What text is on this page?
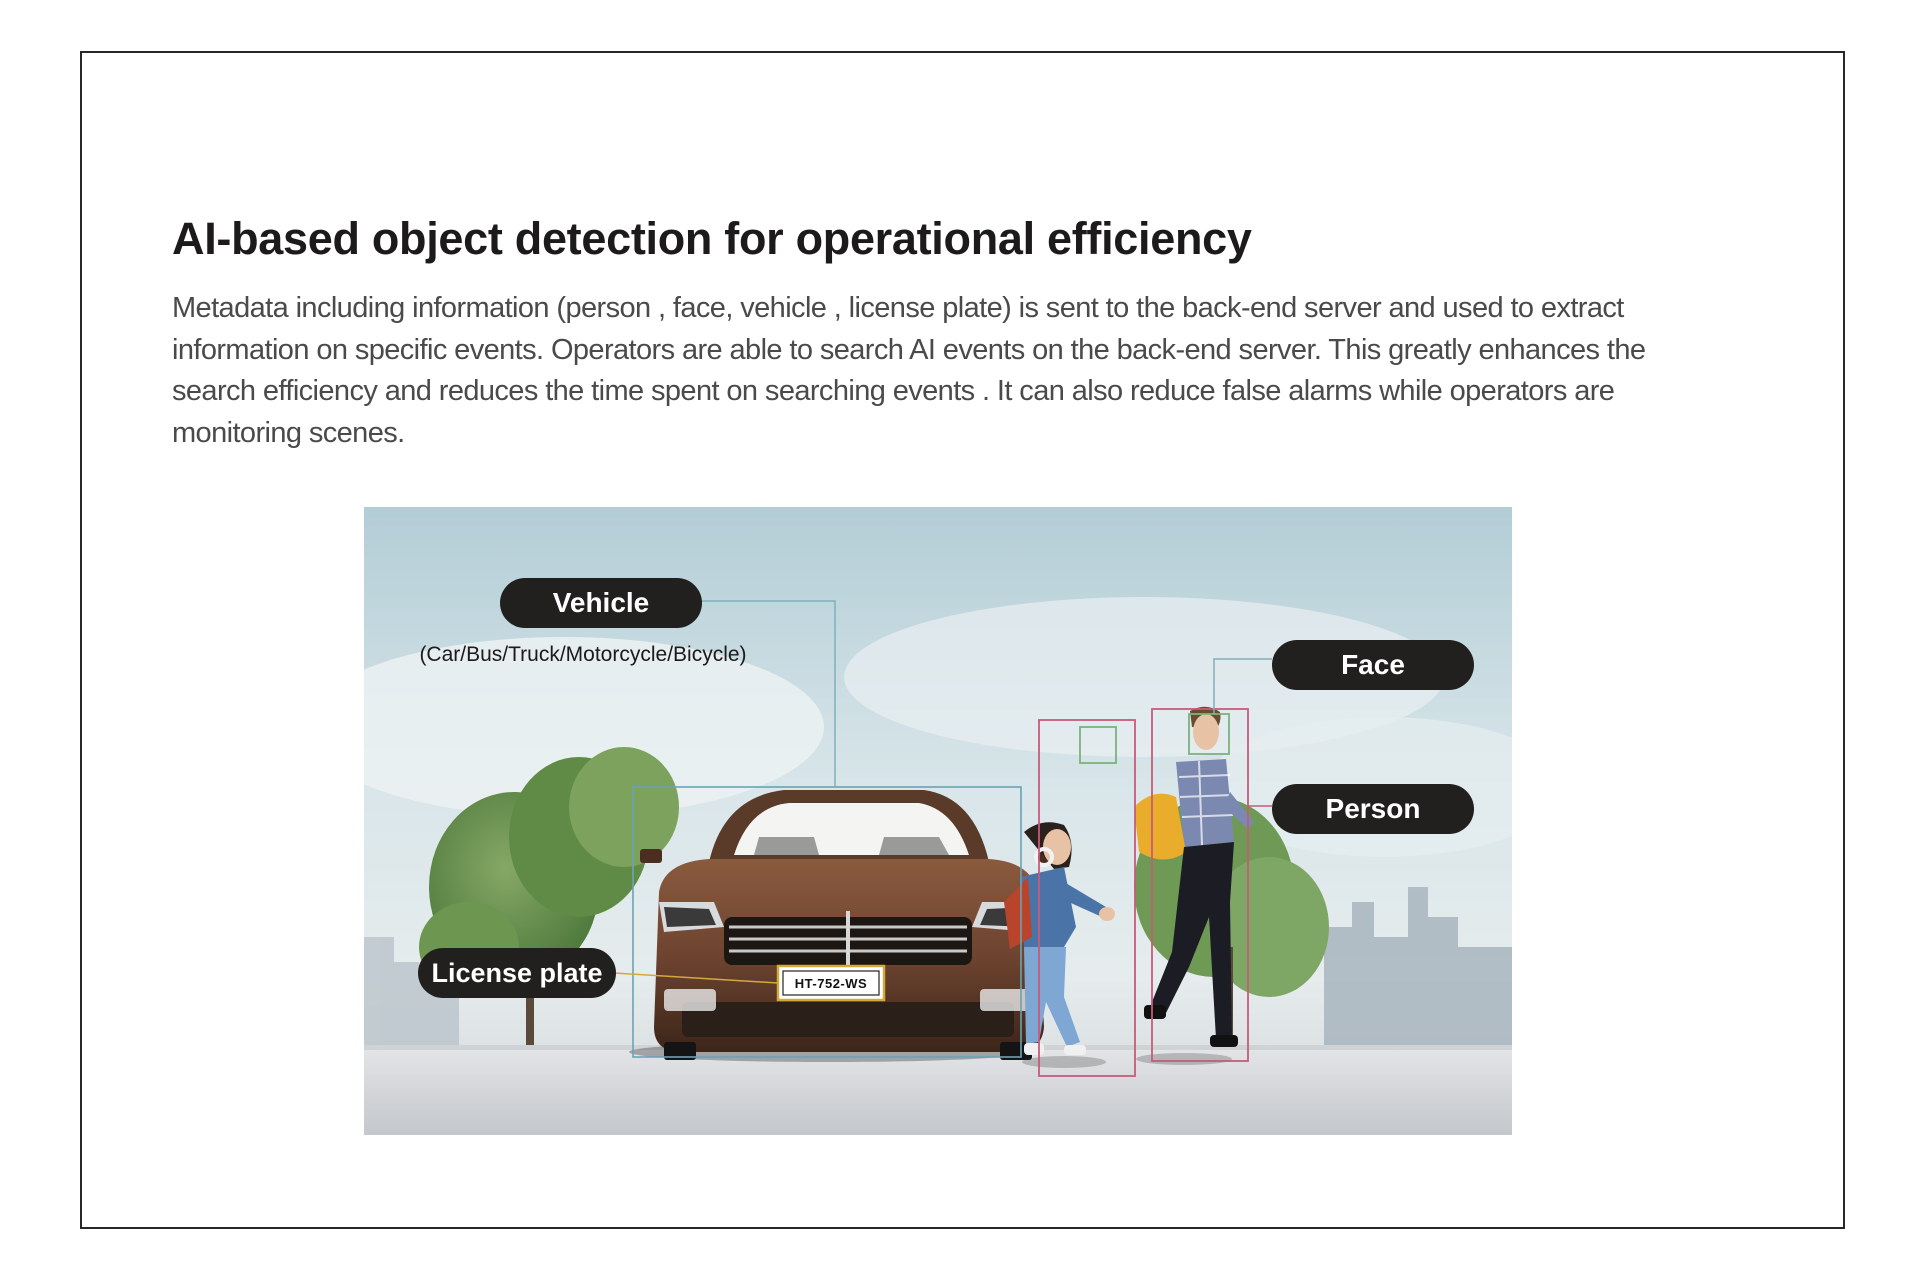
AI-based object detection for operational efficiency

Metadata including information (person , face, vehicle , license plate) is sent to the back-end server and used to extract information on specific events. Operators are able to search AI events on the back-end server. This greatly enhances the search efficiency and reduces the time spent on searching events . It can also reduce false alarms while operators are monitoring scenes.

Vehicle
(Car/Bus/Truck/Motorcycle/Bicycle)	Face
Person
License plate	HT-752-WS
